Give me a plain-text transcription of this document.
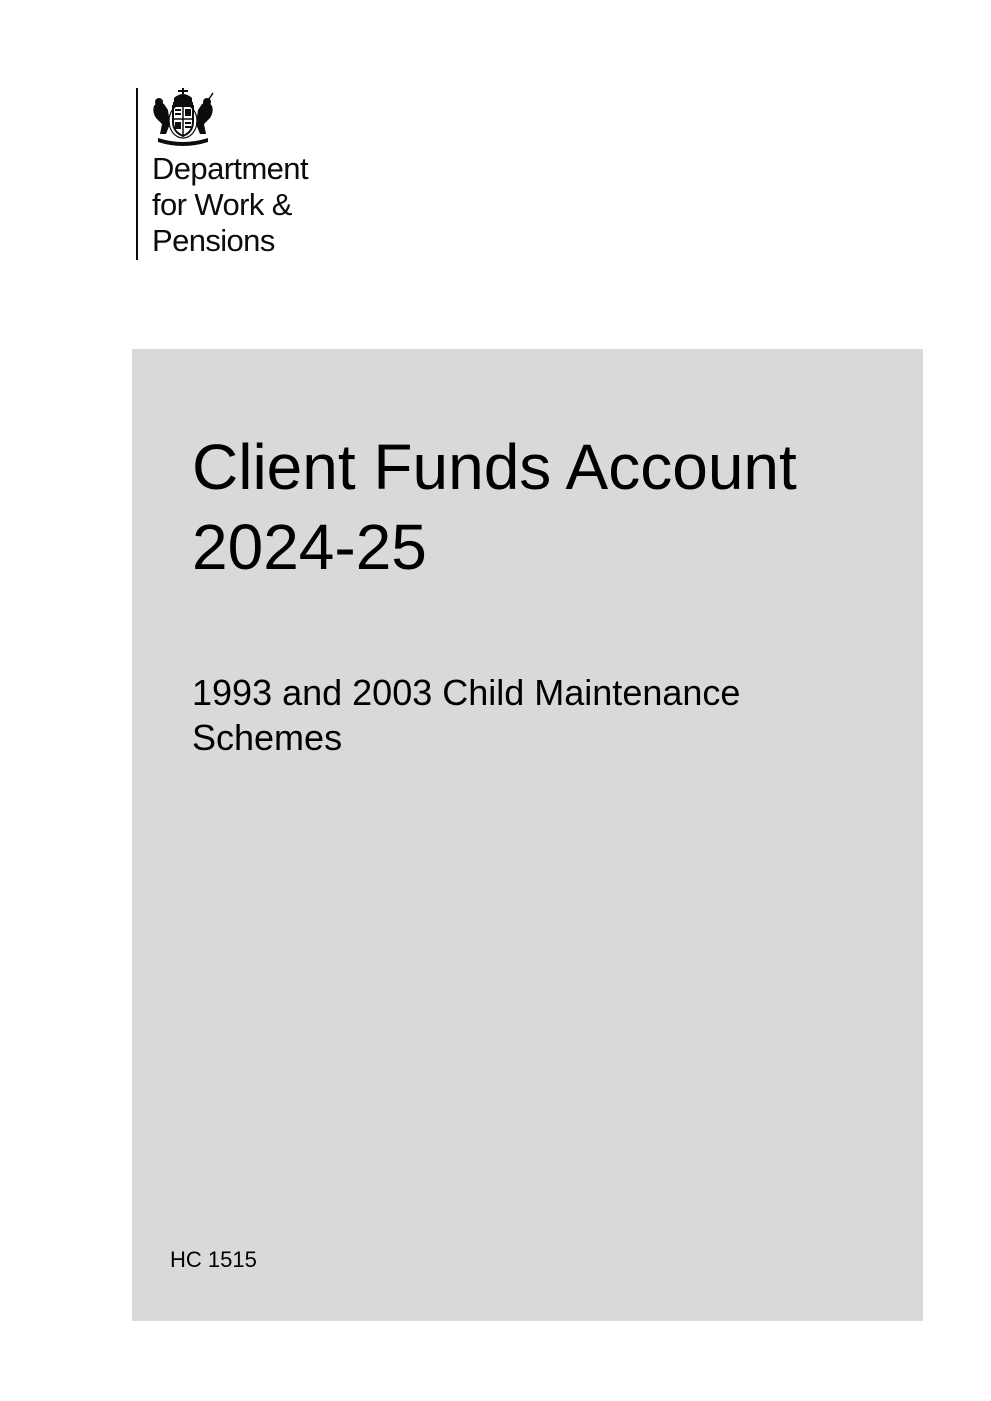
Department
for Work &
Pensions
Client Funds Account
2024-25
1993 and 2003 Child Maintenance
Schemes
HC 1515
